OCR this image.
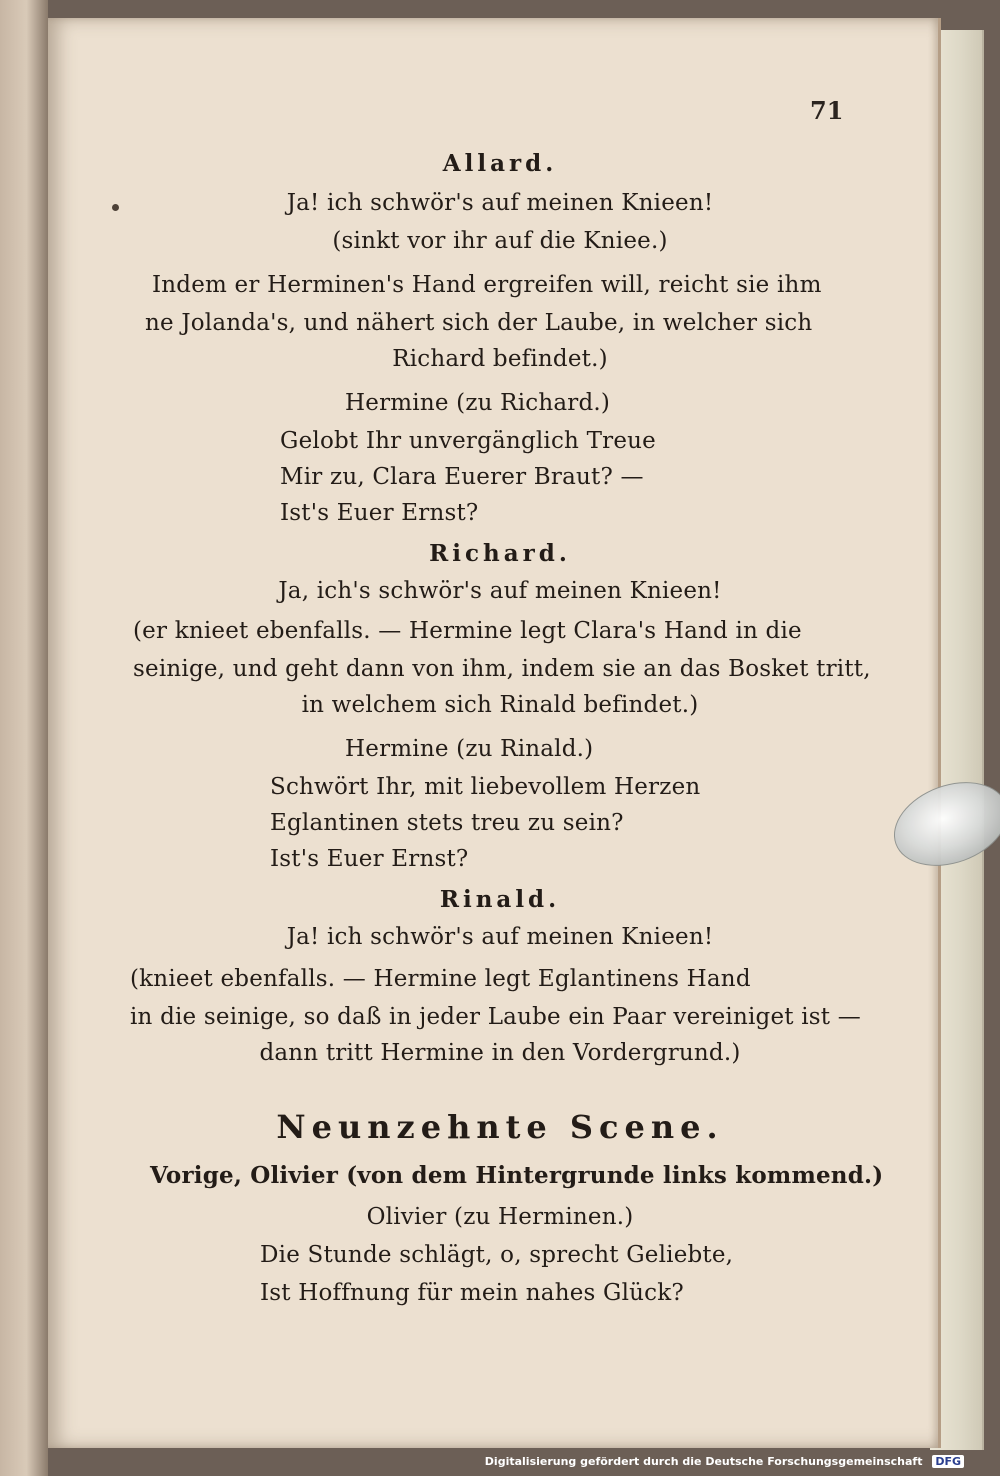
71
Allard.
Ja! ich schwör's auf meinen Knieen!
(sinkt vor ihr auf die Kniee.)
Indem er Herminen's Hand ergreifen will, reicht sie ihm
ne Jolanda's, und nähert sich der Laube, in welcher sich
Richard befindet.)
Hermine (zu Richard.)
Gelobt Ihr unvergänglich Treue
Mir zu, Clara Euerer Braut? —
Ist's Euer Ernst?
Richard.
Ja, ich's schwör's auf meinen Knieen!
(er knieet ebenfalls. — Hermine legt Clara's Hand in die
seinige, und geht dann von ihm, indem sie an das Bosket tritt,
in welchem sich Rinald befindet.)
Hermine (zu Rinald.)
Schwört Ihr, mit liebevollem Herzen
Eglantinen stets treu zu sein?
Ist's Euer Ernst?
Rinald.
Ja! ich schwör's auf meinen Knieen!
(knieet ebenfalls. — Hermine legt Eglantinens Hand
in die seinige, so daß in jeder Laube ein Paar vereiniget ist —
dann tritt Hermine in den Vordergrund.)
Neunzehnte Scene.
Vorige, Olivier (von dem Hintergrunde links kommend.)
Olivier (zu Herminen.)
Die Stunde schlägt, o, sprecht Geliebte,
Ist Hoffnung für mein nahes Glück?
Digitalisierung gefördert durch die Deutsche Forschungsgemeinschaft DFG
